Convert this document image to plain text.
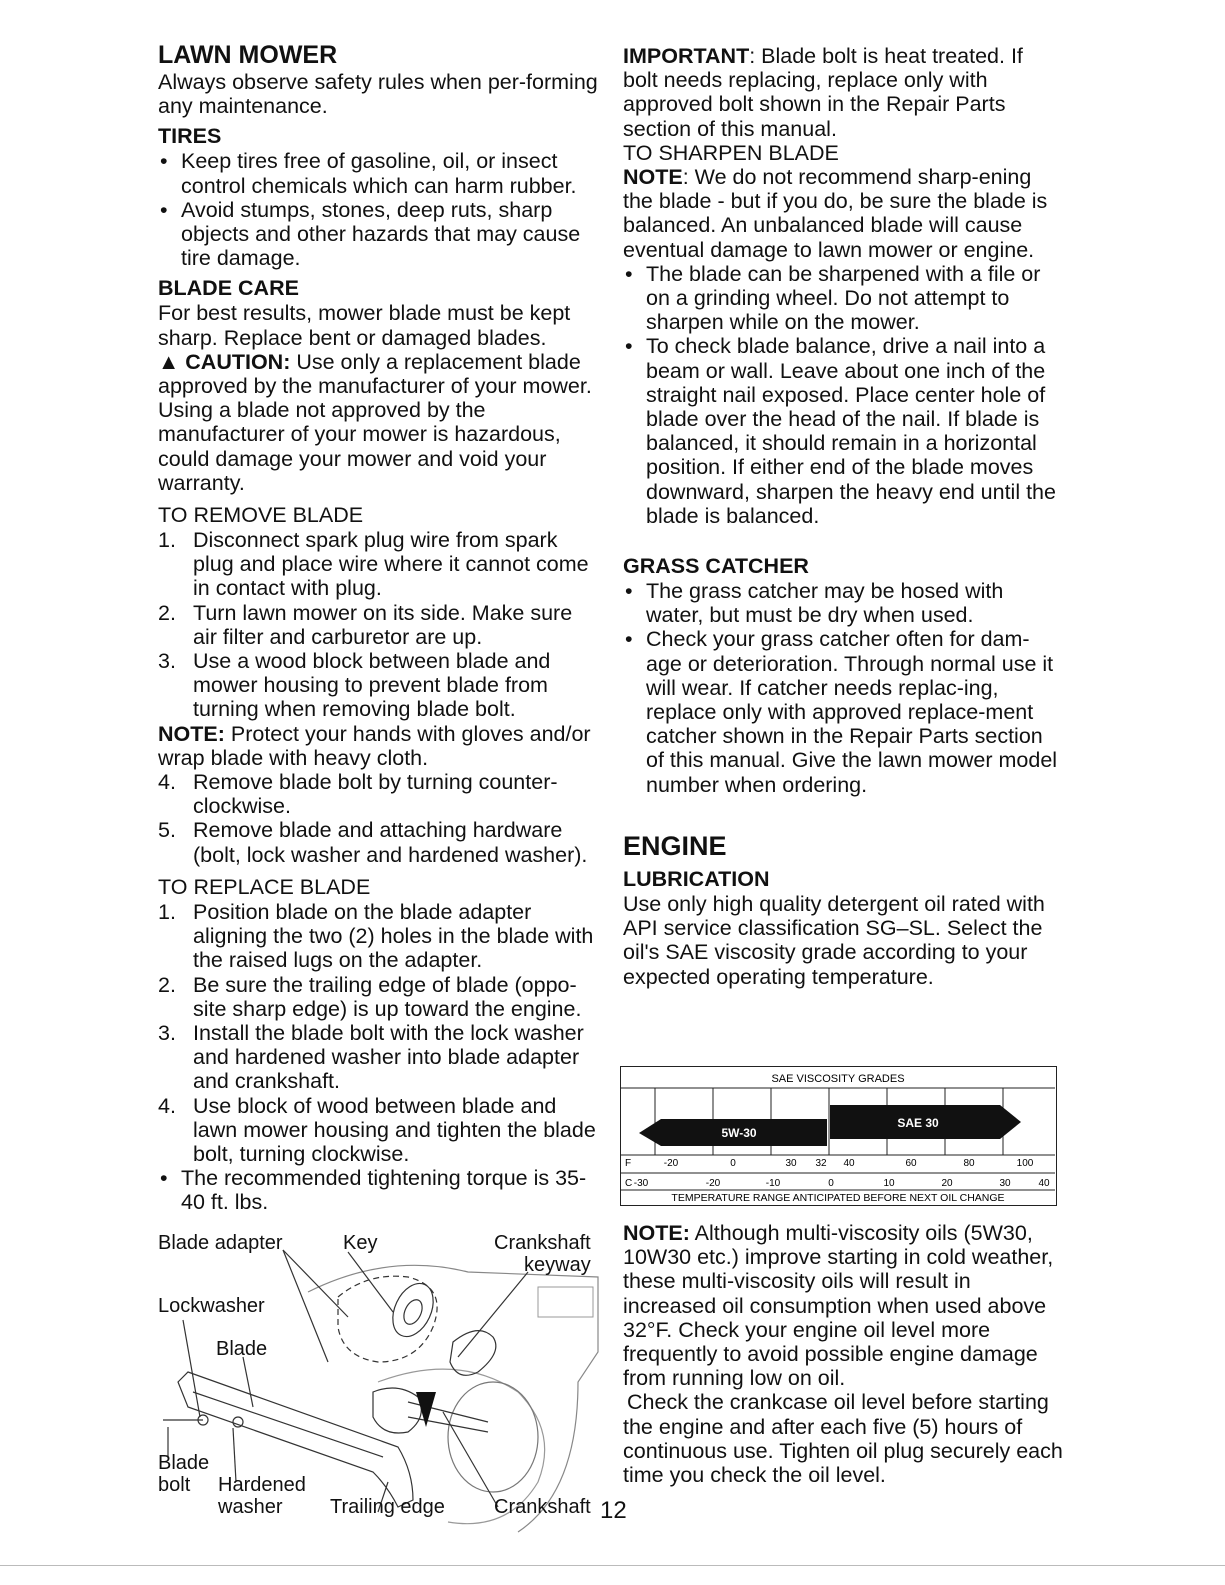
LAWN MOWER

Always observe safety rules when per-forming any maintenance.

TIRES
• Keep tires free of gasoline, oil, or insect control chemicals which can harm rubber.
• Avoid stumps, stones, deep ruts, sharp objects and other hazards that may cause tire damage.
BLADE CARE

For best results, mower blade must be kept sharp. Replace bent or damaged blades.

▲ CAUTION: Use only a replacement blade approved by the manufacturer of your mower. Using a blade not approved by the manufacturer of your mower is hazardous, could damage your mower and void your warranty.

TO REMOVE BLADE

1. Disconnect spark plug wire from spark plug and place wire where it cannot come in contact with plug.
2. Turn lawn mower on its side. Make sure air filter and carburetor are up.
3. Use a wood block between blade and mower housing to prevent blade from turning when removing blade bolt.

NOTE: Protect your hands with gloves and/or wrap blade with heavy cloth.

4. Remove blade bolt by turning counter-clockwise.
5. Remove blade and attaching hardware (bolt, lock washer and hardened washer).

TO REPLACE BLADE

1. Position blade on the blade adapter aligning the two (2) holes in the blade with the raised lugs on the adapter.
2. Be sure the trailing edge of blade (oppo-site sharp edge) is up toward the engine.
3. Install the blade bolt with the lock washer and hardened washer into blade adapter and crankshaft.
4. Use block of wood between blade and lawn mower housing and tighten the blade bolt, turning clockwise.
• The recommended tightening torque is 35-40 ft. lbs.
Blade adapter	Key	Crankshaft
keyway
Lockwasher
Blade
Blade
bolt Hardened
washer Trailing edge Crankshaft 12

IMPORTANT: Blade bolt is heat treated. If bolt needs replacing, replace only with approved bolt shown in the Repair Parts section of this manual.

TO SHARPEN BLADE

NOTE: We do not recommend sharp-ening the blade - but if you do, be sure the blade is balanced. An unbalanced blade will cause eventual damage to lawn mower or engine.

• The blade can be sharpened with a file or on a grinding wheel. Do not attempt to sharpen while on the mower.
• To check blade balance, drive a nail into a beam or wall. Leave about one inch of the straight nail exposed. Place center hole of blade over the head of the nail. If blade is balanced, it should remain in a horizontal position. If either end of the blade moves downward, sharpen the heavy end until the blade is balanced.
GRASS CATCHER
• The grass catcher may be hosed with water, but must be dry when used.
• Check your grass catcher often for dam-age or deterioration. Through normal use it will wear. If catcher needs replac-ing, replace only with approved replace-ment catcher shown in the Repair Parts section of this manual. Give the lawn mower model number when ordering.
ENGINE
LUBRICATION

Use only high quality detergent oil rated with API service classification SG–SL. Select the oil's SAE viscosity grade according to your expected operating temperature.

SAE VISCOSITY GRADES
SAE 30
5W-30
F	-20	0	30 32 40	60	80	100
C -30	-20	-10	0	10	20	30	40
TEMPERATURE RANGE ANTICIPATED BEFORE NEXT OIL CHANGE

NOTE: Although multi-viscosity oils (5W30, 10W30 etc.) improve starting in cold weather, these multi-viscosity oils will result in increased oil consumption when used above 32°F. Check your engine oil level more frequently to avoid possible engine damage from running low on oil.

Check the crankcase oil level before starting the engine and after each five (5) hours of continuous use. Tighten oil plug securely each time you check the oil level.
